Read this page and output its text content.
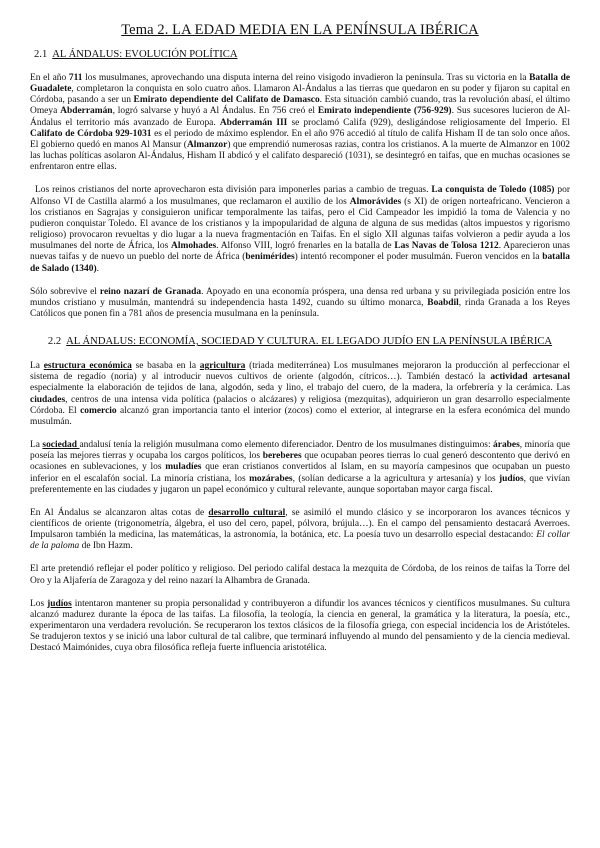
Tema 2. LA EDAD MEDIA EN LA PENÍNSULA IBÉRICA
2.1 AL ÁNDALUS: EVOLUCIÓN POLÍTICA

En el año 711 los musulmanes, aprovechando una disputa interna del reino visigodo invadieron la península. Tras su victoria en la Batalla de Guadalete, completaron la conquista en solo cuatro años. Llamaron Al-Ándalus a las tierras que quedaron en su poder y fijaron su capital en Córdoba, pasando a ser un Emirato dependiente del Califato de Damasco. Esta situación cambió cuando, tras la revolución abasí, el último Omeya Abderramán, logró salvarse y huyó a Al Ándalus. En 756 creó el Emirato independiente (756-929). Sus sucesores lucieron de Al-Ándalus el territorio más avanzado de Europa. Abderramán III se proclamó Califa (929), desligándose religiosamente del Imperio. El Califato de Córdoba 929-1031 es el periodo de máximo esplendor. En el año 976 accedió al título de califa Hisham II de tan solo once años. El gobierno quedó en manos Al Mansur (Almanzor) que emprendió numerosas razias, contra los cristianos. A la muerte de Almanzor en 1002 las luchas políticas asolaron Al-Ándalus, Hisham II abdicó y el califato despareció (1031), se desintegró en taifas, que en muchas ocasiones se enfrentaron entre ellas.

Los reinos cristianos del norte aprovecharon esta división para imponerles parias a cambio de treguas. La conquista de Toledo (1085) por Alfonso VI de Castilla alarmó a los musulmanes, que reclamaron el auxilio de los Almorávides (s XI) de origen norteafricano. Vencieron a los cristianos en Sagrajas y consiguieron unificar temporalmente las taifas, pero el Cid Campeador les impidió la toma de Valencia y no pudieron conquistar Toledo. El avance de los cristianos y la impopularidad de alguna de alguna de sus medidas (altos impuestos y rigorismo religioso) provocaron revueltas y dio lugar a la nueva fragmentación en Taifas. En el siglo XII algunas taifas volvieron a pedir ayuda a los musulmanes del norte de África, los Almohades. Alfonso VIII, logró frenarles en la batalla de Las Navas de Tolosa 1212. Aparecieron unas nuevas taifas y de nuevo un pueblo del norte de África (benimérides) intentó recomponer el poder musulmán. Fueron vencidos en la batalla de Salado (1340).

Sólo sobrevive el reino nazarí de Granada. Apoyado en una economía próspera, una densa red urbana y su privilegiada posición entre los mundos cristiano y musulmán, mantendrá su independencia hasta 1492, cuando su último monarca, Boabdil, rinda Granada a los Reyes Católicos que ponen fin a 781 años de presencia musulmana en la península.

2.2 AL ÁNDALUS: ECONOMÍA, SOCIEDAD Y CULTURA. EL LEGADO JUDÍO EN LA PENÍNSULA IBÉRICA

La estructura económica se basaba en la agricultura (triada mediterránea) Los musulmanes mejoraron la producción al perfeccionar el sistema de regadío (noria) y al introducir nuevos cultivos de oriente (algodón, cítricos…). También destacó la actividad artesanal especialmente la elaboración de tejidos de lana, algodón, seda y lino, el trabajo del cuero, de la madera, la orfebrería y la cerámica. Las ciudades, centros de una intensa vida política (palacios o alcázares) y religiosa (mezquitas), adquirieron un gran desarrollo especialmente Córdoba. El comercio alcanzó gran importancia tanto el interior (zocos) como el exterior, al integrarse en la esfera económica del mundo musulmán.

La sociedad andalusí tenía la religión musulmana como elemento diferenciador. Dentro de los musulmanes distinguimos: árabes, minoría que poseía las mejores tierras y ocupaba los cargos políticos, los bereberes que ocupaban peores tierras lo cual generó descontento que derivó en ocasiones en sublevaciones, y los muladíes que eran cristianos convertidos al Islam, en su mayoría campesinos que ocupaban un puesto inferior en el escalafón social. La minoría cristiana, los mozárabes, (solían dedicarse a la agricultura y artesanía) y los judíos, que vivían preferentemente en las ciudades y jugaron un papel económico y cultural relevante, aunque soportaban mayor carga fiscal.

En Al Ándalus se alcanzaron altas cotas de desarrollo cultural, se asimiló el mundo clásico y se incorporaron los avances técnicos y científicos de oriente (trigonometría, álgebra, el uso del cero, papel, pólvora, brújula…). En el campo del pensamiento destacará Averroes. Impulsaron también la medicina, las matemáticas, la astronomía, la botánica, etc. La poesía tuvo un desarrollo especial destacando: El collar de la paloma de Ibn Hazm.

El arte pretendió reflejar el poder político y religioso. Del periodo califal destaca la mezquita de Córdoba, de los reinos de taifas la Torre del Oro y la Aljafería de Zaragoza y del reino nazarí la Alhambra de Granada.

Los judíos intentaron mantener su propia personalidad y contribuyeron a difundir los avances técnicos y científicos musulmanes. Su cultura alcanzó madurez durante la época de las taifas. La filosofía, la teología, la ciencia en general, la gramática y la literatura, la poesía, etc., experimentaron una verdadera revolución. Se recuperaron los textos clásicos de la filosofía griega, con especial incidencia los de Aristóteles. Se tradujeron textos y se inició una labor cultural de tal calibre, que terminará influyendo al mundo del pensamiento y de la ciencia medieval. Destacó Maimónides, cuya obra filosófica refleja fuerte influencia aristotélica.
